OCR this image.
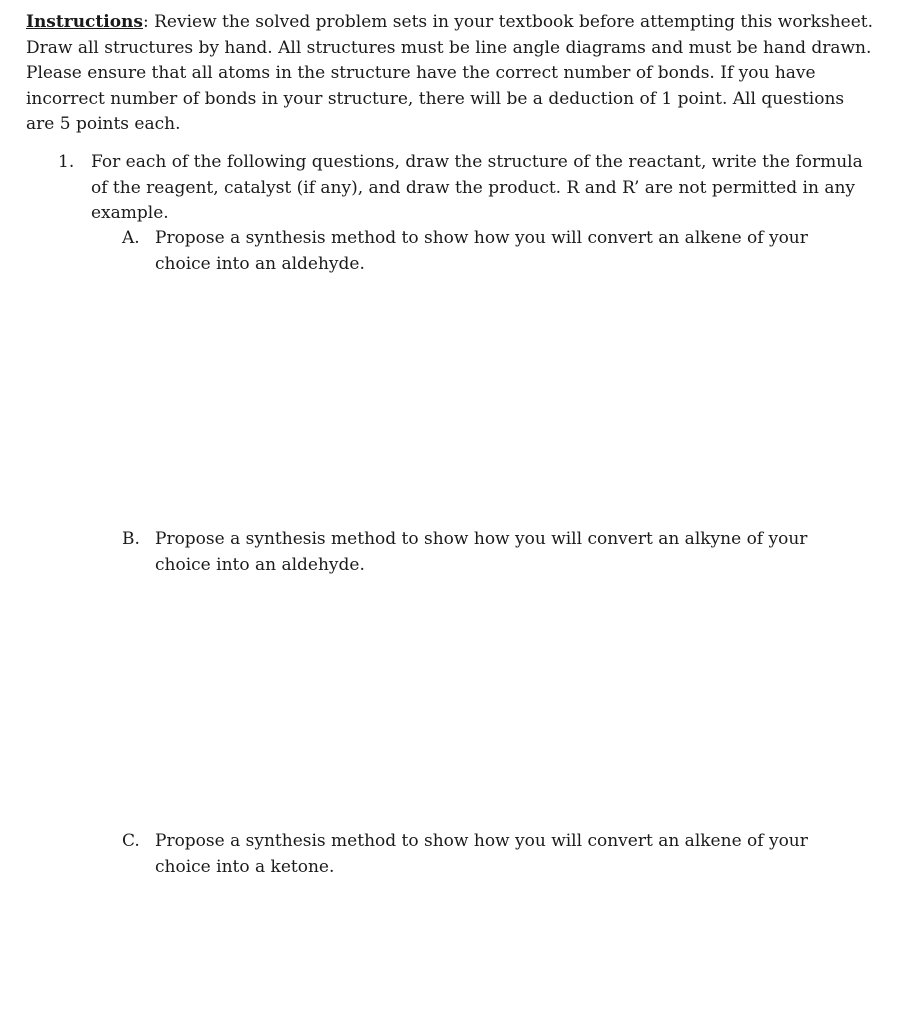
Instructions: Review the solved problem sets in your textbook before attempting this worksheet. Draw all structures by hand. All structures must be line angle diagrams and must be hand drawn. Please ensure that all atoms in the structure have the correct number of bonds. If you have incorrect number of bonds in your structure, there will be a deduction of 1 point. All questions are 5 points each.

1. For each of the following questions, draw the structure of the reactant, write the formula of the reagent, catalyst (if any), and draw the product. R and R’ are not permitted in any example.
A. Propose a synthesis method to show how you will convert an alkene of your choice into an aldehyde.
B. Propose a synthesis method to show how you will convert an alkyne of your choice into an aldehyde.
C. Propose a synthesis method to show how you will convert an alkene of your choice into a ketone.
